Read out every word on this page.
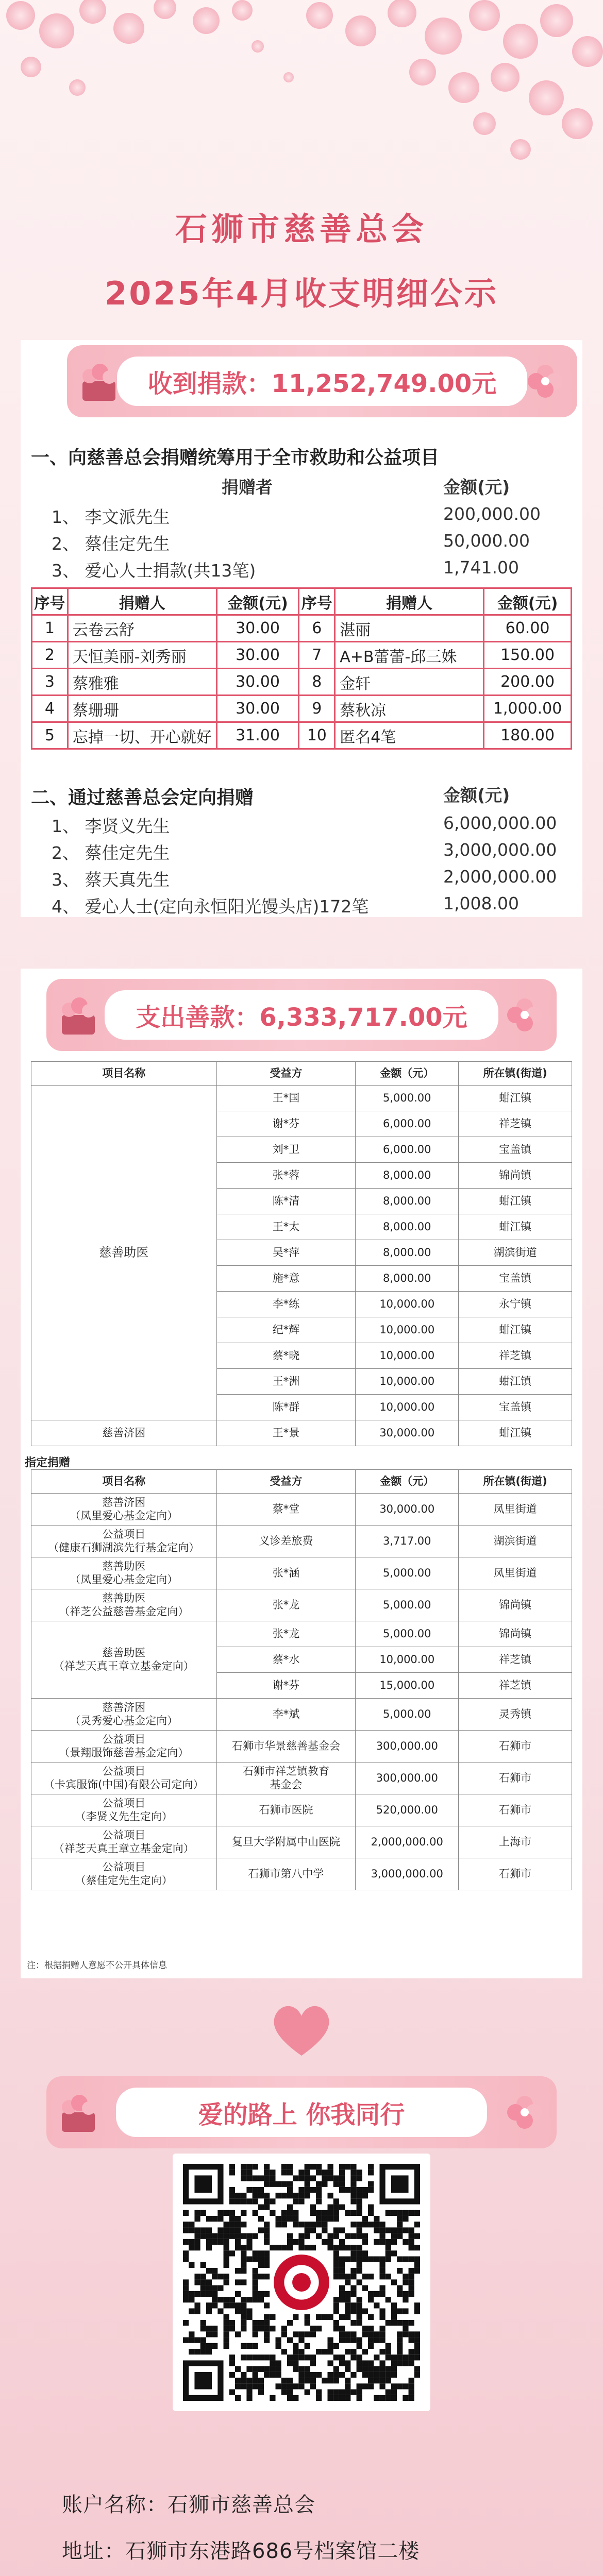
石狮市慈善总会
2025年4月收支明细公示
收到捐款：11,252,749.00元
一、向慈善总会捐赠统筹用于全市救助和公益项目
捐赠者	金额(元)
1、 李文派先生	200,000.00
2、 蔡佳定先生	50,000.00
3、 爱心人士捐款(共13笔)	1,741.00
序号	捐赠人	金额(元)	序号	捐赠人	金额(元)
1	云卷云舒	30.00	6	湛丽	60.00
2	天恒美丽-刘秀丽	30.00	7	A+B蕾蕾-邱三姝	150.00
3	蔡雅雅	30.00	8	金轩	200.00
4	蔡珊珊	30.00	9	蔡秋凉	1,000.00
5	忘掉一切、开心就好	31.00	10	匿名4笔	180.00
二、通过慈善总会定向捐赠	金额(元)
1、 李贤义先生	6,000,000.00
2、 蔡佳定先生	3,000,000.00
3、 蔡天真先生	2,000,000.00
4、 爱心人士(定向永恒阳光馒头店)172笔	1,008.00
支出善款：6,333,717.00元
项目名称	受益方	金额（元）	所在镇(街道)
慈善助医	王*国	5,000.00	蚶江镇
	谢*芬	6,000.00	祥芝镇
	刘*卫	6,000.00	宝盖镇
	张*蓉	8,000.00	锦尚镇
	陈*清	8,000.00	蚶江镇
	王*太	8,000.00	蚶江镇
	吴*萍	8,000.00	湖滨街道
	施*意	8,000.00	宝盖镇
	李*练	10,000.00	永宁镇
	纪*辉	10,000.00	蚶江镇
	蔡*晓	10,000.00	祥芝镇
	王*洲	10,000.00	蚶江镇
	陈*群	10,000.00	宝盖镇
慈善济困	王*景	30,000.00	蚶江镇
指定捐赠
项目名称	受益方	金额（元）	所在镇(街道)
慈善济困
（凤里爱心基金定向）	蔡*堂	30,000.00	凤里街道
公益项目
（健康石狮湖滨先行基金定向）	义诊差旅费	3,717.00	湖滨街道
慈善助医
（凤里爱心基金定向）	张*涵	5,000.00	凤里街道
慈善助医
（祥芝公益慈善基金定向）	张*龙	5,000.00	锦尚镇
慈善助医
（祥芝天真王章立基金定向）	张*龙	5,000.00	锦尚镇
	蔡*水	10,000.00	祥芝镇
	谢*芬	15,000.00	祥芝镇
慈善济困
（灵秀爱心基金定向）	李*斌	5,000.00	灵秀镇
公益项目
（景翔服饰慈善基金定向）	石狮市华景慈善基金会	300,000.00	石狮市
公益项目
（卡宾服饰(中国)有限公司定向）	石狮市祥芝镇教育
基金会	300,000.00	石狮市
公益项目
（李贤义先生定向）	石狮市医院	520,000.00	石狮市
公益项目
（祥芝天真王章立基金定向）	复旦大学附属中山医院	2,000,000.00	上海市
公益项目
（蔡佳定先生定向）	石狮市第八中学	3,000,000.00	石狮市
注：根据捐赠人意愿不公开具体信息
爱的路上 你我同行
账户名称：石狮市慈善总会
地址：石狮市东港路686号档案馆二楼
